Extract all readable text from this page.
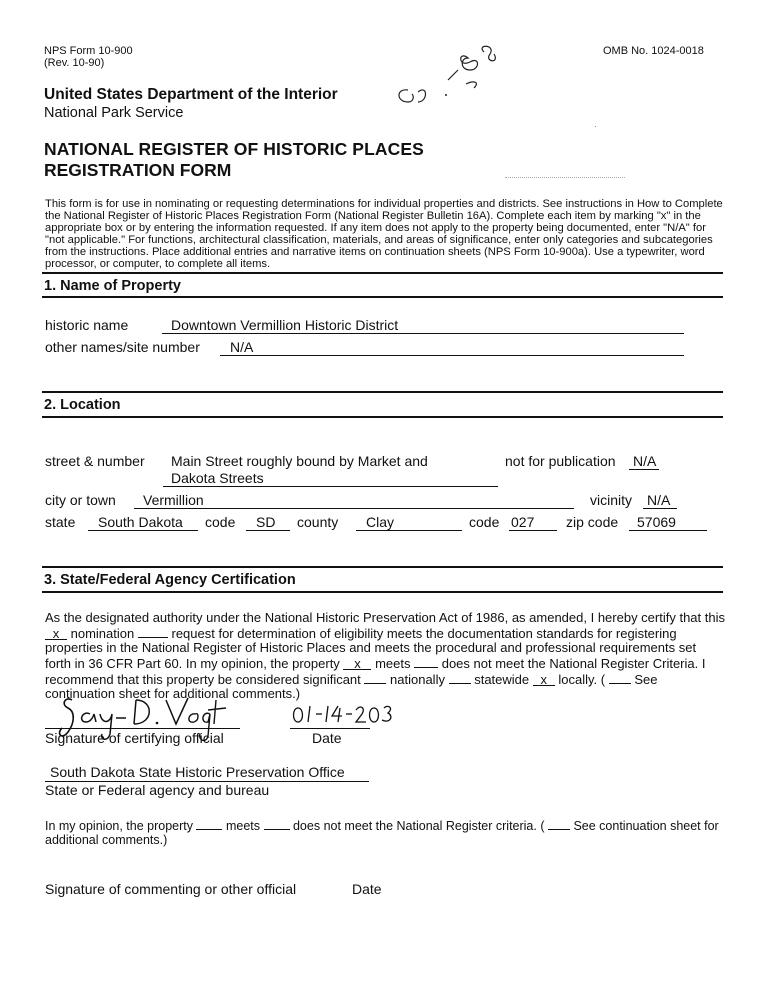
NPS Form 10-900
(Rev. 10-90)
OMB No. 1024-0018
United States Department of the Interior
National Park Service
·
NATIONAL REGISTER OF HISTORIC PLACES
REGISTRATION FORM
This form is for use in nominating or requesting determinations for individual properties and districts. See instructions in How to Complete the National Register of Historic Places Registration Form (National Register Bulletin 16A). Complete each item by marking "x" in the appropriate box or by entering the information requested. If any item does not apply to the property being documented, enter "N/A" for "not applicable." For functions, architectural classification, materials, and areas of significance, enter only categories and subcategories from the instructions. Place additional entries and narrative items on continuation sheets (NPS Form 10-900a). Use a typewriter, word processor, or computer, to complete all items.
1. Name of Property
historic name	Downtown Vermillion Historic District
other names/site number	N/A
2. Location
street & number Main Street roughly bound by Market and
Dakota Streets
not for publication N/A
city or town	Vermillion	vicinity N/A
state	South Dakota	code	SD	county	Clay	code 027	zip code	57069
3. State/Federal Agency Certification
As the designated authority under the National Historic Preservation Act of 1986, as amended, I hereby certify that this
x nomination	request for determination of eligibility meets the documentation standards for registering properties in the National Register of Historic Places and meets the procedural and professional requirements set forth in 36 CFR Part 60. In my opinion, the property x meets does not meet the National Register Criteria. I recommend that this property be considered significant nationally statewide x locally. ( See continuation sheet for additional comments.)
Signature of certifying official	Date
South Dakota State Historic Preservation Office
State or Federal agency and bureau
In my opinion, the property	meets	does not meet the National Register criteria. ( See continuation sheet for additional comments.)
Signature of commenting or other official	Date
